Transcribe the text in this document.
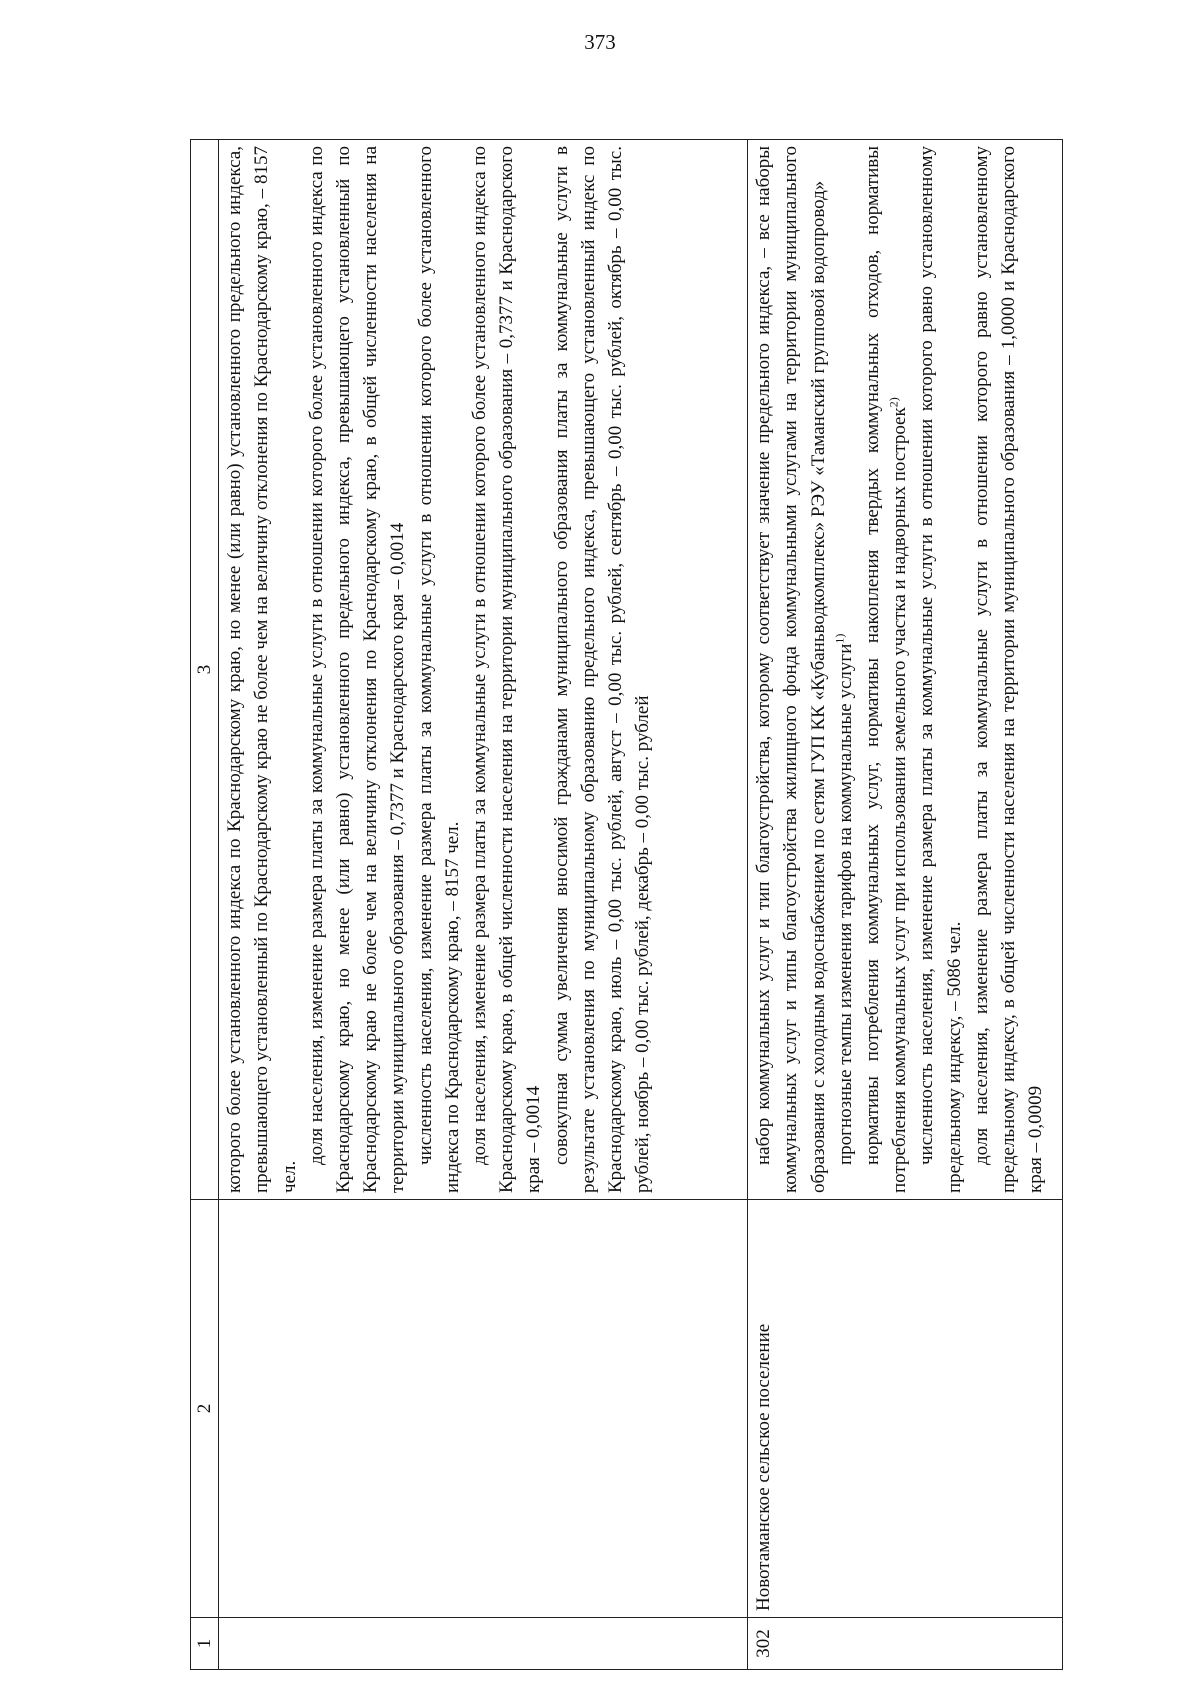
373
1	2	3

		которого более установленного индекса по Краснодарскому краю, но менее (или равно) установленного предельного индекса, превышающего установленный по Краснодарскому краю не более чем на величину отклонения по Краснодарскому краю, – 8157 чел.

доля населения, изменение размера платы за коммунальные услуги в отношении которого более установленного индекса по Краснодарскому краю, но менее (или равно) установленного предельного индекса, превышающего установленный по Краснодарскому краю не более чем на величину отклонения по Краснодарскому краю, в общей численности населения на территории муниципального образования – 0,7377 и Краснодарского края – 0,0014 численность населения, изменение размера платы за коммунальные услуги в отношении которого более установленного индекса по Краснодарскому краю, – 8157 чел. доля населения, изменение размера платы за коммунальные услуги в отношении которого более установленного индекса по Краснодарскому краю, в общей численности населения на территории муниципального образования – 0,7377 и Краснодарского края – 0,0014 совокупная сумма увеличения вносимой гражданами муниципального образования платы за коммунальные услуги в результате установления по муниципальному образованию предельного индекса, превышающего установленный индекс по Краснодарскому краю, июль – 0,00 тыс. рублей, август – 0,00 тыс. рублей, сентябрь – 0,00 тыс. рублей, октябрь – 0,00 тыс. рублей, ноябрь – 0,00 тыс. рублей, декабрь – 0,00 тыс. рублей

302	Новотаманское сельское поселение	набор коммунальных услуг и тип благоустройства, которому соответствует значение предельного индекса, – все наборы коммунальных услуг и типы благоустройства жилищного фонда коммунальными услугами на территории муниципального образования с холодным водоснабжением по сетям ГУП КК «Кубаньводкомплекс» РЭУ «Таманский групповой водопровод» прогнозные темпы изменения тарифов на коммунальные услуги$^{1)}$ нормативы потребления коммунальных услуг, нормативы накопления твердых коммунальных отходов, нормативы потребления коммунальных услуг при использовании земельного участка и надворных построек$^{2)}$ численность населения, изменение размера платы за коммунальные услуги в отношении которого равно установленному предельному индексу, – 5086 чел. доля населения, изменение размера платы за коммунальные услуги в отношении которого равно установленному предельному индексу, в общей численности населения на территории муниципального образования – 1,0000 и Краснодарского края – 0,0009
